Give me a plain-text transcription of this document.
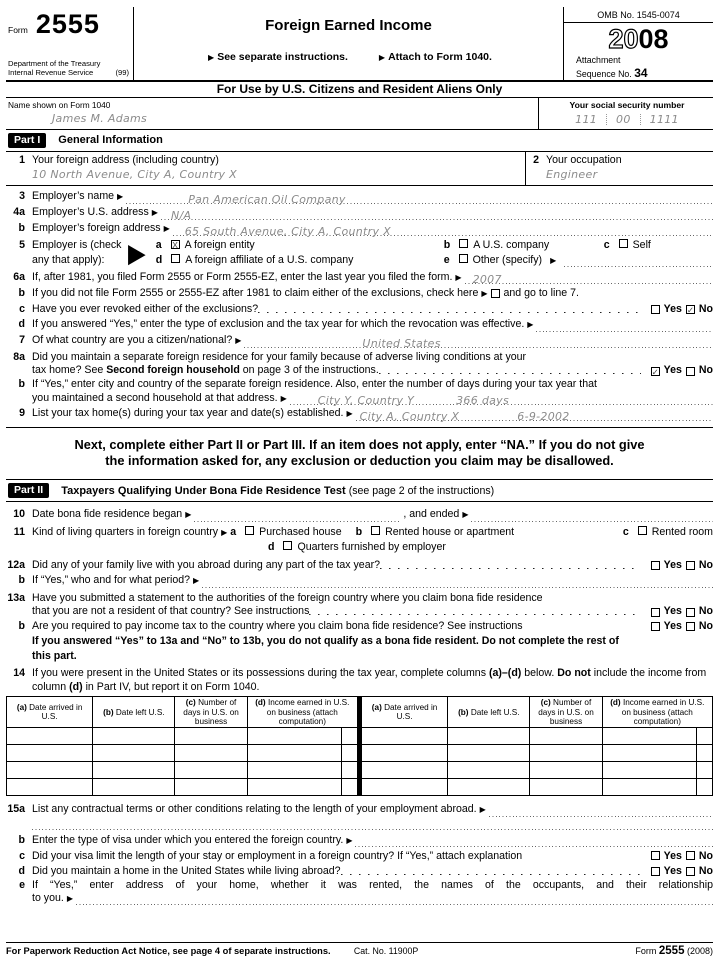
Form 2555
Department of the Treasury
Internal Revenue Service	(99)
Foreign Earned Income
▶ See separate instructions.	▶ Attach to Form 1040.
OMB No. 1545-0074
2008
Attachment
Sequence No. 34
For Use by U.S. Citizens and Resident Aliens Only
Name shown on Form 1040
James M. Adams
Your social security number
111 00 1111
Part I	General Information
1 Your foreign address (including country)
10 North Avenue, City A, Country X
2 Your occupation
Engineer
3 Employer’s name ▶	Pan American Oil Company
4a Employer’s U.S. address ▶ N/A
b Employer’s foreign address ▶ 65 South Avenue, City A, Country X
5 Employer is (check
any that apply):	▶ a	X A foreign entity	b	A U.S. company	c	Self
d	A foreign affiliate of a U.S. company	e	Other (specify)	▶
6a If, after 1981, you filed Form 2555 or Form 2555-EZ, enter the last year you filed the form. ▶ 2007
b If you did not file Form 2555 or 2555-EZ after 1981 to claim either of the exclusions, check here ▶ and go to line 7.
c Have you ever revoked either of the exclusions?	Yes ✓ No
d If you answered “Yes,” enter the type of exclusion and the tax year for which the revocation was effective. ▶
7 Of what country are you a citizen/national? ▶	United States
8a Did you maintain a separate foreign residence for your family because of adverse living conditions at your
tax home? See Second foreign household on page 3 of the instructions.	✓ Yes No
b If “Yes,” enter city and country of the separate foreign residence. Also, enter the number of days during your tax year that
you maintained a second household at that address. ▶	City Y, Country Y	366 days
9 List your tax home(s) during your tax year and date(s) established. ▶ City A, Country X	6-9-2002
Next, complete either Part II or Part III. If an item does not apply, enter “NA.” If you do not give
the information asked for, any exclusion or deduction you claim may be disallowed.
Part II	Taxpayers Qualifying Under Bona Fide Residence Test (see page 2 of the instructions)
10 Date bona fide residence began ▶	, and ended ▶
11 Kind of living quarters in foreign country ▶ a	Purchased house b	Rented house or apartment	c	Rented room
d	Quarters furnished by employer
12a Did any of your family live with you abroad during any part of the tax year?	Yes No
b If “Yes,” who and for what period? ▶
13a Have you submitted a statement to the authorities of the foreign country where you claim bona fide residence
that you are not a resident of that country? See instructions	Yes No
b Are you required to pay income tax to the country where you claim bona fide residence? See instructions	Yes No
If you answered “Yes” to 13a and “No” to 13b, you do not qualify as a bona fide resident. Do not complete the rest of
this part.
14 If you were present in the United States or its possessions during the tax year, complete columns (a)–(d) below. Do not include the income from column (d) in Part IV, but report it on Form 1040.
(a) Date arrived in U.S.	(b) Date left U.S.	(c) Number of days in U.S. on business	(d) Income earned in U.S. on business (attach computation)			(a) Date arrived in U.S.	(b) Date left U.S.	(c) Number of days in U.S. on business	(d) Income earned in U.S. on business (attach computation)	

15a List any contractual terms or other conditions relating to the length of your employment abroad. ▶
b Enter the type of visa under which you entered the foreign country. ▶
c Did your visa limit the length of your stay or employment in a foreign country? If “Yes,” attach explanation	Yes No
d Did you maintain a home in the United States while living abroad?	Yes No
e If “Yes,” enter address of your home, whether it was rented, the names of the occupants, and their relationship
to you. ▶
For Paperwork Reduction Act Notice, see page 4 of separate instructions.	Cat. No. 11900P	Form 2555 (2008)
